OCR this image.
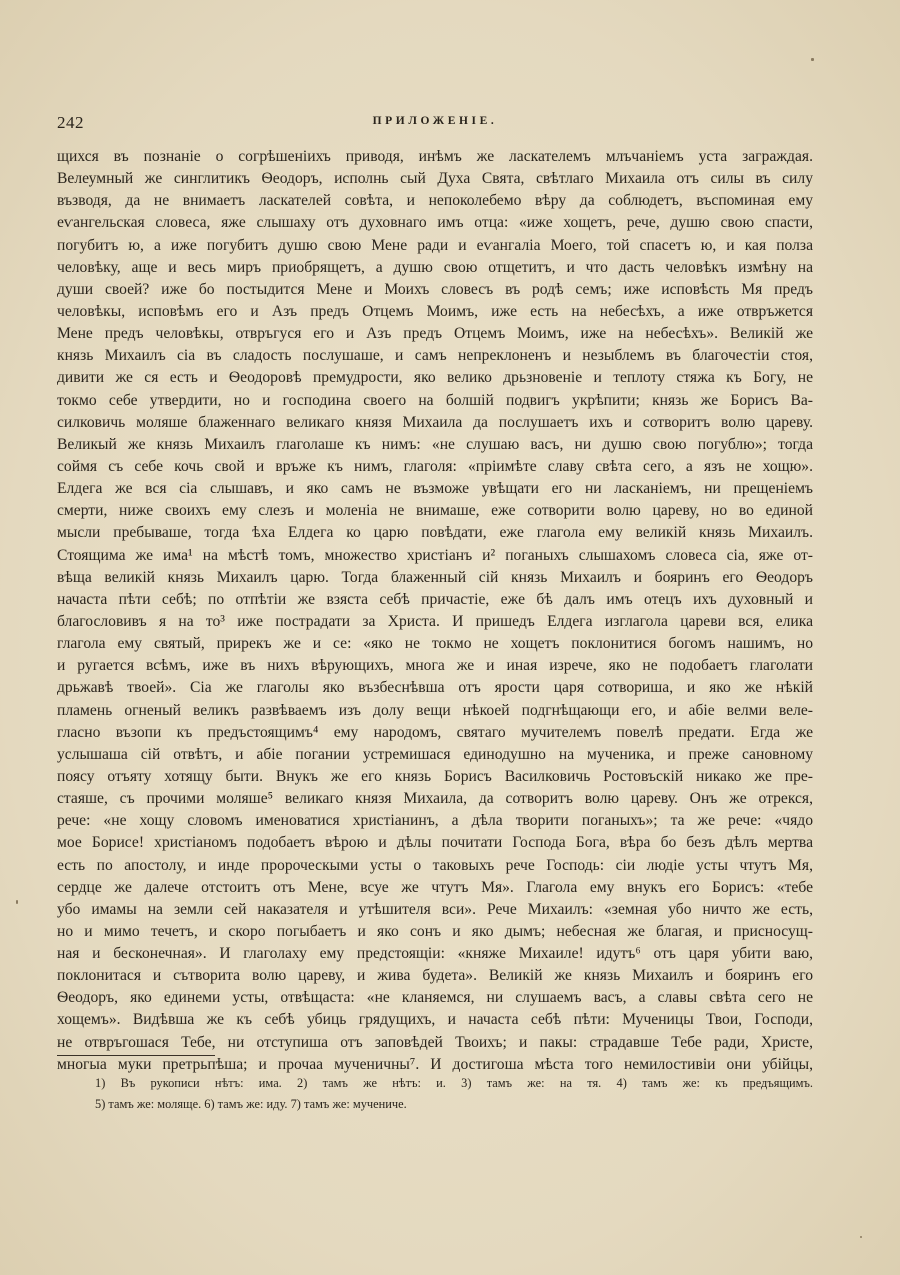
242	ПРИЛОЖЕНІЕ.
щихся въ познаніе о согрѣшеніихъ приводя, инѣмъ же ласкателемъ млъчаніемъ уста заграждая.
Велеумный же синглитикъ Ѳеодоръ, исполнь сый Духа Свята, свѣтлаго Михаила отъ силы въ силу
възводя, да не внимаетъ ласкателей совѣта, и непоколебемо вѣру да соблюдетъ, въспоминая ему
еѵангельская словеса, яже слышаху отъ духовнаго имъ отца: «иже хощетъ, рече, душю свою спасти,
погубитъ ю, а иже погубитъ душю свою Мене ради и еѵангаліа Моего, той спасетъ ю, и кая полза
человѣку, аще и весь миръ приобрящетъ, а душю свою отщетитъ, и что дасть человѣкъ измѣну на
души своей? иже бо постыдится Мене и Моихъ словесъ въ родѣ семъ; иже исповѣсть Мя предъ
человѣкы, исповѣмъ его и Азъ предъ Отцемъ Моимъ, иже есть на небесѣхъ, а иже отвръжется
Мене предъ человѣкы, отвръгуся его и Азъ предъ Отцемъ Моимъ, иже на небесѣхъ». Великій же
князь Михаилъ сіа въ сладость послушаше, и самъ непреклоненъ и незыблемъ въ благочестіи стоя,
дивити же ся есть и Ѳеодоровѣ премудрости, яко велико дрьзновеніе и теплоту стяжа къ Богу, не
токмо себе утвердити, но и господина своего на болшій подвигъ укрѣпити; князь же Борисъ Ва-
силковичь моляше блаженнаго великаго князя Михаила да послушаетъ ихъ и сотворитъ волю цареву.
Великый же князь Михаилъ глаголаше къ нимъ: «не слушаю васъ, ни душю свою погублю»; тогда
соймя съ себе кочь свой и връже къ нимъ, глаголя: «пріимѣте славу свѣта сего, а язъ не хощю».
Елдега же вся сіа слышавъ, и яко самъ не възможе увѣщати его ни ласканіемъ, ни прещеніемъ
смерти, ниже своихъ ему слезъ и моленіа не внимаше, еже сотворити волю цареву, но во единой
мысли пребываше, тогда ѣха Елдега ко царю повѣдати, еже глагола ему великій князь Михаилъ.
Стоящима же има¹ на мѣстѣ томъ, множество христіанъ и² поганыхъ слышахомъ словеса сіа, яже от-
вѣща великій князь Михаилъ царю. Тогда блаженный сій князь Михаилъ и бояринъ его Ѳеодоръ
начаста пѣти себѣ; по отпѣтіи же взяста себѣ причастіе, еже бѣ далъ имъ отецъ ихъ духовный и
благословивъ я на то³ иже пострадати за Христа. И пришедъ Елдега изглагола цареви вся, елика
глагола ему святый, прирекъ же и се: «яко не токмо не хощетъ поклонитися богомъ нашимъ, но
и ругается всѣмъ, иже въ нихъ вѣрующихъ, многа же и иная изрече, яко не подобаетъ глаголати
дрьжавѣ твоей». Сіа же глаголы яко възбеснѣвша отъ ярости царя сотвориша, и яко же нѣкій
пламень огненый великъ развѣваемъ изъ долу вещи нѣкоей подгнѣщающи его, и абіе велми веле-
гласно възопи къ предъстоящимъ⁴ ему народомъ, святаго мучителемъ повелѣ предати. Егда же
услышаша сій отвѣтъ, и абіе погании устремишася единодушно на мученика, и преже сановному
поясу отъяту хотящу быти. Внукъ же его князь Борисъ Василковичь Ростовъскій никако же пре-
стаяше, съ прочими моляше⁵ великаго князя Михаила, да сотворитъ волю цареву. Онъ же отрекся,
рече: «не хощу словомъ именоватися христіанинъ, а дѣла творити поганыхъ»; та же рече: «чядо
мое Борисе! христіаномъ подобаетъ вѣрою и дѣлы почитати Господа Бога, вѣра бо безъ дѣлъ мертва
есть по апостолу, и инде пророческыми усты о таковыхъ рече Господь: сіи людіе усты чтутъ Мя,
сердце же далече отстоитъ отъ Мене, всуе же чтутъ Мя». Глагола ему внукъ его Борисъ: «тебе
убо имамы на земли сей наказателя и утѣшителя вси». Рече Михаилъ: «земная убо ничто же есть,
но и мимо течетъ, и скоро погыбаетъ и яко сонъ и яко дымъ; небесная же благая, и присносущ-
ная и бесконечная». И глаголаху ему предстоящіи: «княже Михаиле! идутъ⁶ отъ царя убити ваю,
поклонитася и сътворита волю цареву, и жива будета». Великій же князь Михаилъ и бояринъ его
Ѳеодоръ, яко единеми усты, отвѣщаста: «не кланяемся, ни слушаемъ васъ, а славы свѣта сего не
хощемъ». Видѣвша же къ себѣ убиць грядущихъ, и начаста себѣ пѣти: Мученицы Твои, Господи,
не отвръгошася Тебе, ни отступиша отъ заповѣдей Твоихъ; и пакы: страдавше Тебе ради, Христе,
многыа муки претрьпѣша; и прочаа мученичны⁷. И достигоша мѣста того немилостивіи они убійцы,
1) Въ рукописи нѣтъ: има. 2) тамъ же нѣтъ: и. 3) тамъ же: на тя. 4) тамъ же: къ предъящимъ.
5) тамъ же: моляще. 6) тамъ же: иду. 7) тамъ же: мучениче.
